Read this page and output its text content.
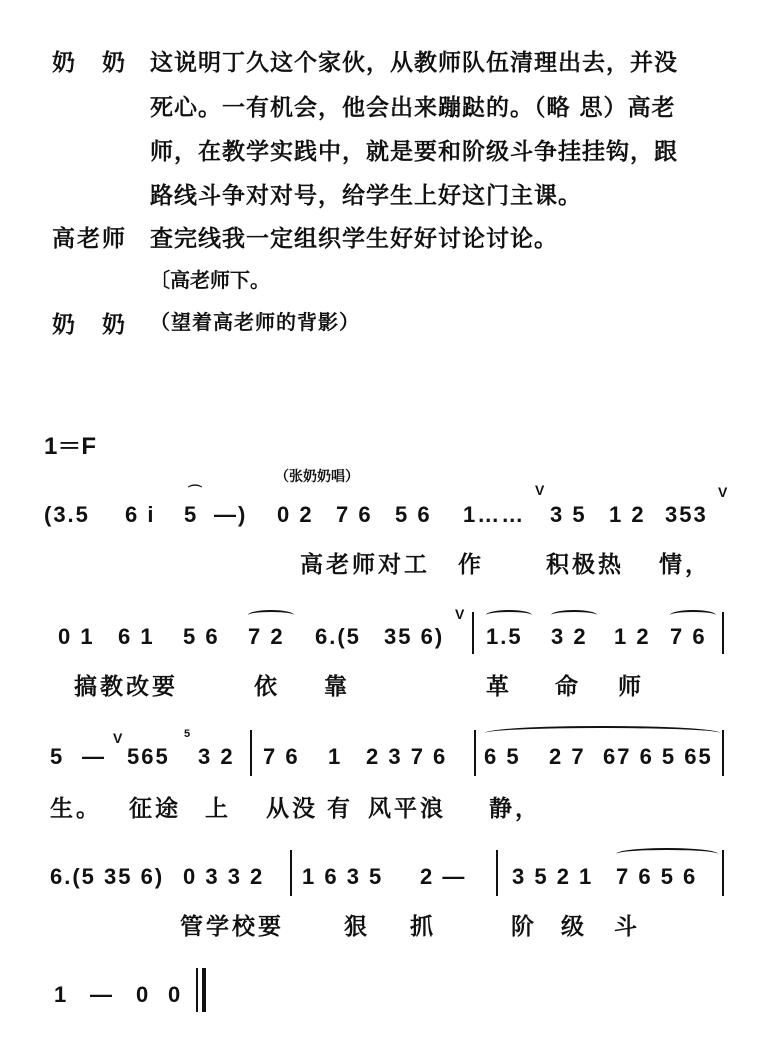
奶　奶 这说明丁久这个家伙，从教师队伍清理出去，并没
死心。一有机会，他会出来蹦跶的。（略 思）高老
师，在教学实践中，就是要和阶级斗争挂挂钩，跟
路线斗争对对号，给学生上好这门主课。
高老师 查完线我一定组织学生好好讨论讨论。
〔高老师下。
奶　奶 （望着高老师的背影）
1＝F
（张奶奶唱）
(3.5 6 i 5 —) 0 2 7 6 5 6 1…… 3 5 1 2 353
⌒	V	V
高老师对工 作	积极热 情，
0 1 6 1 5 6 7 2 6.(5 35 6) 1.5 3 2 1 2 7 6
V
搞教改要	依 靠	革 命 师
5 — 565 3 2 7 6 1 2 3 7 6 6 5 2 7 67 6 5 65
V	5
生。 征途 上 从没 有 风平浪 静，
6.(5 35 6) 0 3 3 2 1 6 3 5 2 — 3 5 2 1 7 6 5 6
管学校要	狠 抓	阶 级 斗
1 — 0 0
